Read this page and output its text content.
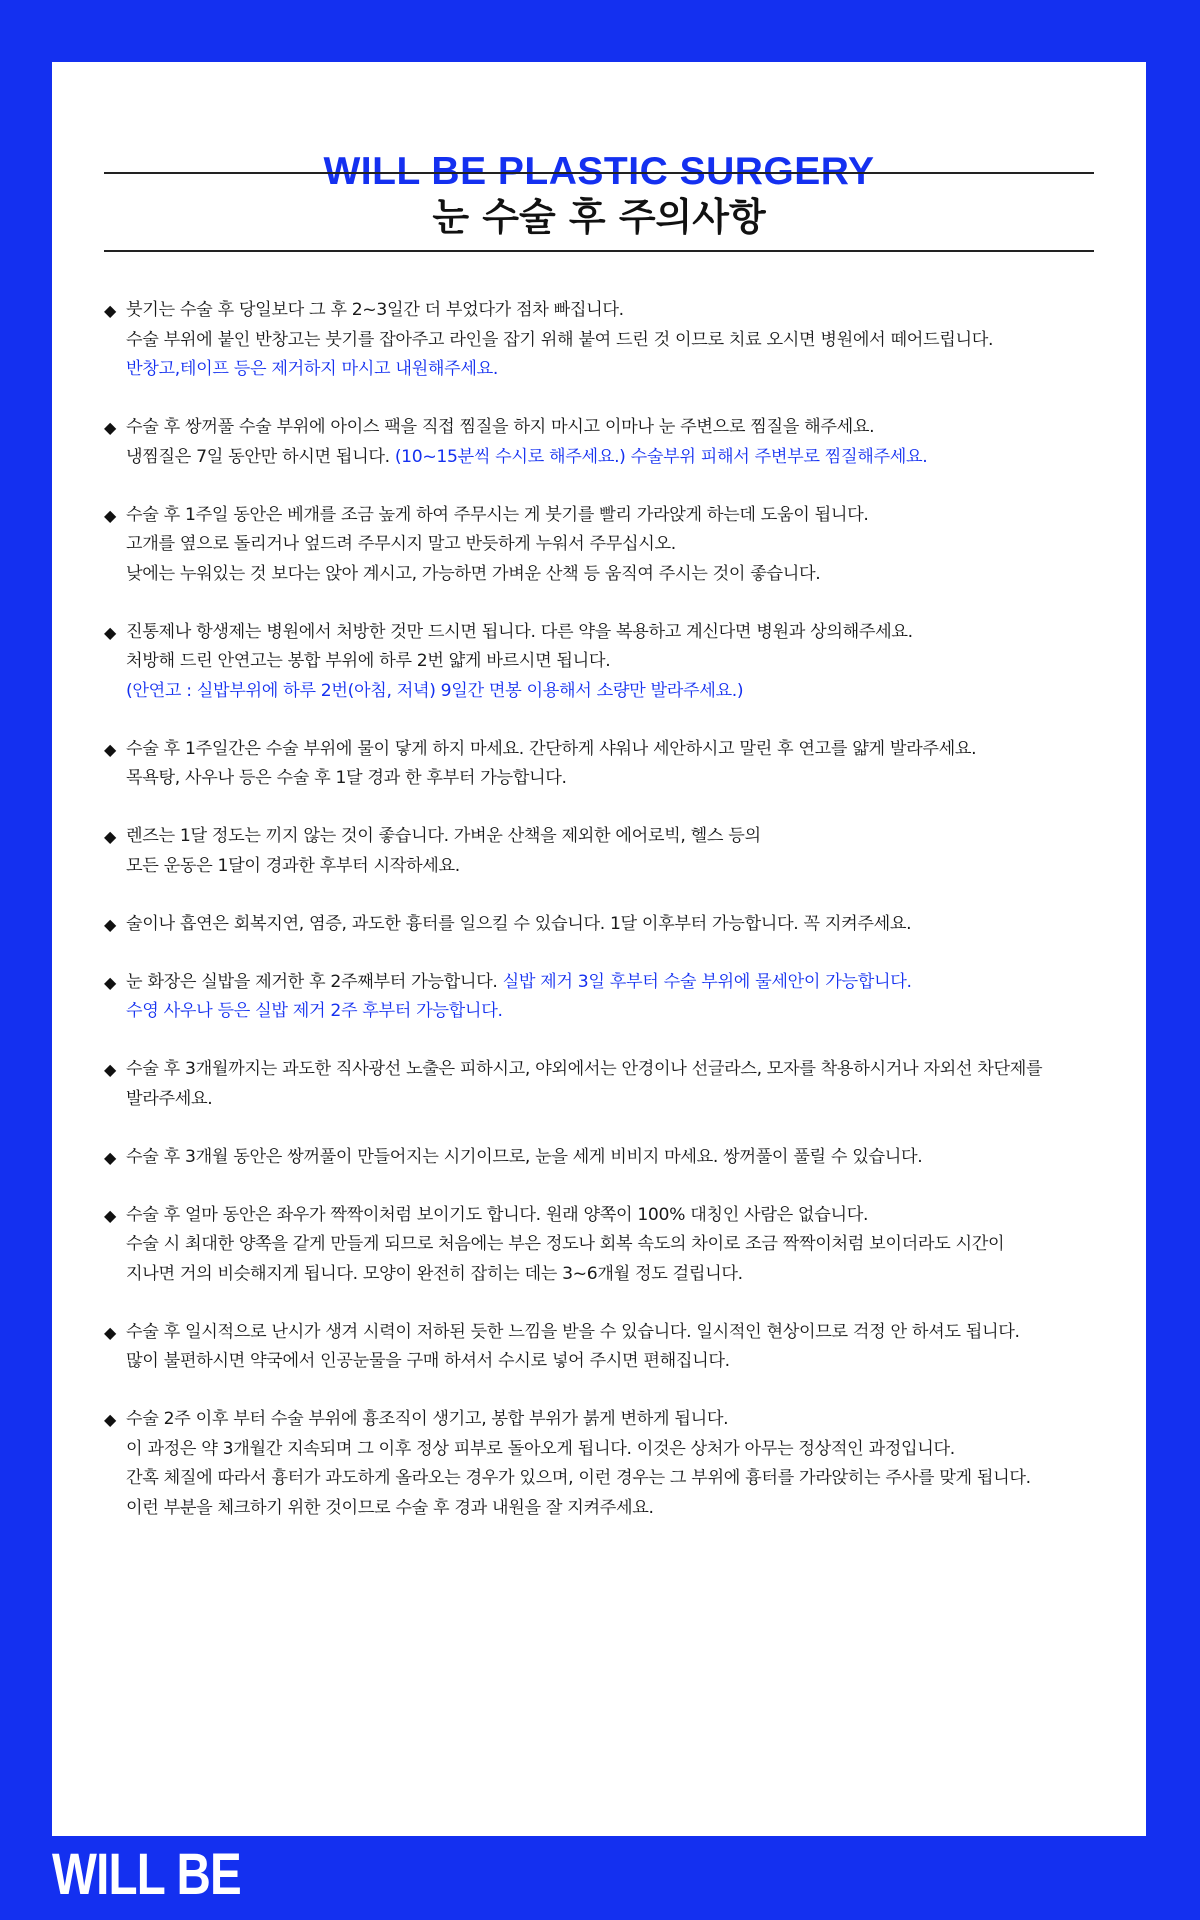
WILL BE PLASTIC SURGERY
눈 수술 후 주의사항
◆ 붓기는 수술 후 당일보다 그 후 2~3일간 더 부었다가 점차 빠집니다.
수술 부위에 붙인 반창고는 붓기를 잡아주고 라인을 잡기 위해 붙여 드린 것 이므로 치료 오시면 병원에서 떼어드립니다.
반창고,테이프 등은 제거하지 마시고 내원해주세요.
◆ 수술 후 쌍꺼풀 수술 부위에 아이스 팩을 직접 찜질을 하지 마시고 이마나 눈 주변으로 찜질을 해주세요.
냉찜질은 7일 동안만 하시면 됩니다. (10~15분씩 수시로 해주세요.) 수술부위 피해서 주변부로 찜질해주세요.
◆ 수술 후 1주일 동안은 베개를 조금 높게 하여 주무시는 게 붓기를 빨리 가라앉게 하는데 도움이 됩니다.
고개를 옆으로 돌리거나 엎드려 주무시지 말고 반듯하게 누워서 주무십시오.
낮에는 누워있는 것 보다는 앉아 계시고, 가능하면 가벼운 산책 등 움직여 주시는 것이 좋습니다.
◆ 진통제나 항생제는 병원에서 처방한 것만 드시면 됩니다. 다른 약을 복용하고 계신다면 병원과 상의해주세요.
처방해 드린 안연고는 봉합 부위에 하루 2번 얇게 바르시면 됩니다.
(안연고 : 실밥부위에 하루 2번(아침, 저녁) 9일간 면봉 이용해서 소량만 발라주세요.)
◆ 수술 후 1주일간은 수술 부위에 물이 닿게 하지 마세요. 간단하게 샤워나 세안하시고 말린 후 연고를 얇게 발라주세요.
목욕탕, 사우나 등은 수술 후 1달 경과 한 후부터 가능합니다.
◆ 렌즈는 1달 정도는 끼지 않는 것이 좋습니다. 가벼운 산책을 제외한 에어로빅, 헬스 등의
모든 운동은 1달이 경과한 후부터 시작하세요.
◆ 술이나 흡연은 회복지연, 염증, 과도한 흉터를 일으킬 수 있습니다. 1달 이후부터 가능합니다. 꼭 지켜주세요.
◆ 눈 화장은 실밥을 제거한 후 2주째부터 가능합니다. 실밥 제거 3일 후부터 수술 부위에 물세안이 가능합니다.
수영 사우나 등은 실밥 제거 2주 후부터 가능합니다.
◆ 수술 후 3개월까지는 과도한 직사광선 노출은 피하시고, 야외에서는 안경이나 선글라스, 모자를 착용하시거나 자외선 차단제를
발라주세요.
◆ 수술 후 3개월 동안은 쌍꺼풀이 만들어지는 시기이므로, 눈을 세게 비비지 마세요. 쌍꺼풀이 풀릴 수 있습니다.
◆ 수술 후 얼마 동안은 좌우가 짝짝이처럼 보이기도 합니다. 원래 양쪽이 100% 대칭인 사람은 없습니다.
수술 시 최대한 양쪽을 같게 만들게 되므로 처음에는 부은 정도나 회복 속도의 차이로 조금 짝짝이처럼 보이더라도 시간이
지나면 거의 비슷해지게 됩니다. 모양이 완전히 잡히는 데는 3~6개월 정도 걸립니다.
◆ 수술 후 일시적으로 난시가 생겨 시력이 저하된 듯한 느낌을 받을 수 있습니다. 일시적인 현상이므로 걱정 안 하셔도 됩니다.
많이 불편하시면 약국에서 인공눈물을 구매 하셔서 수시로 넣어 주시면 편해집니다.
◆ 수술 2주 이후 부터 수술 부위에 흉조직이 생기고, 봉합 부위가 붉게 변하게 됩니다.
이 과정은 약 3개월간 지속되며 그 이후 정상 피부로 돌아오게 됩니다. 이것은 상처가 아무는 정상적인 과정입니다.
간혹 체질에 따라서 흉터가 과도하게 올라오는 경우가 있으며, 이런 경우는 그 부위에 흉터를 가라앉히는 주사를 맞게 됩니다.
이런 부분을 체크하기 위한 것이므로 수술 후 경과 내원을 잘 지켜주세요.
WILL BE
